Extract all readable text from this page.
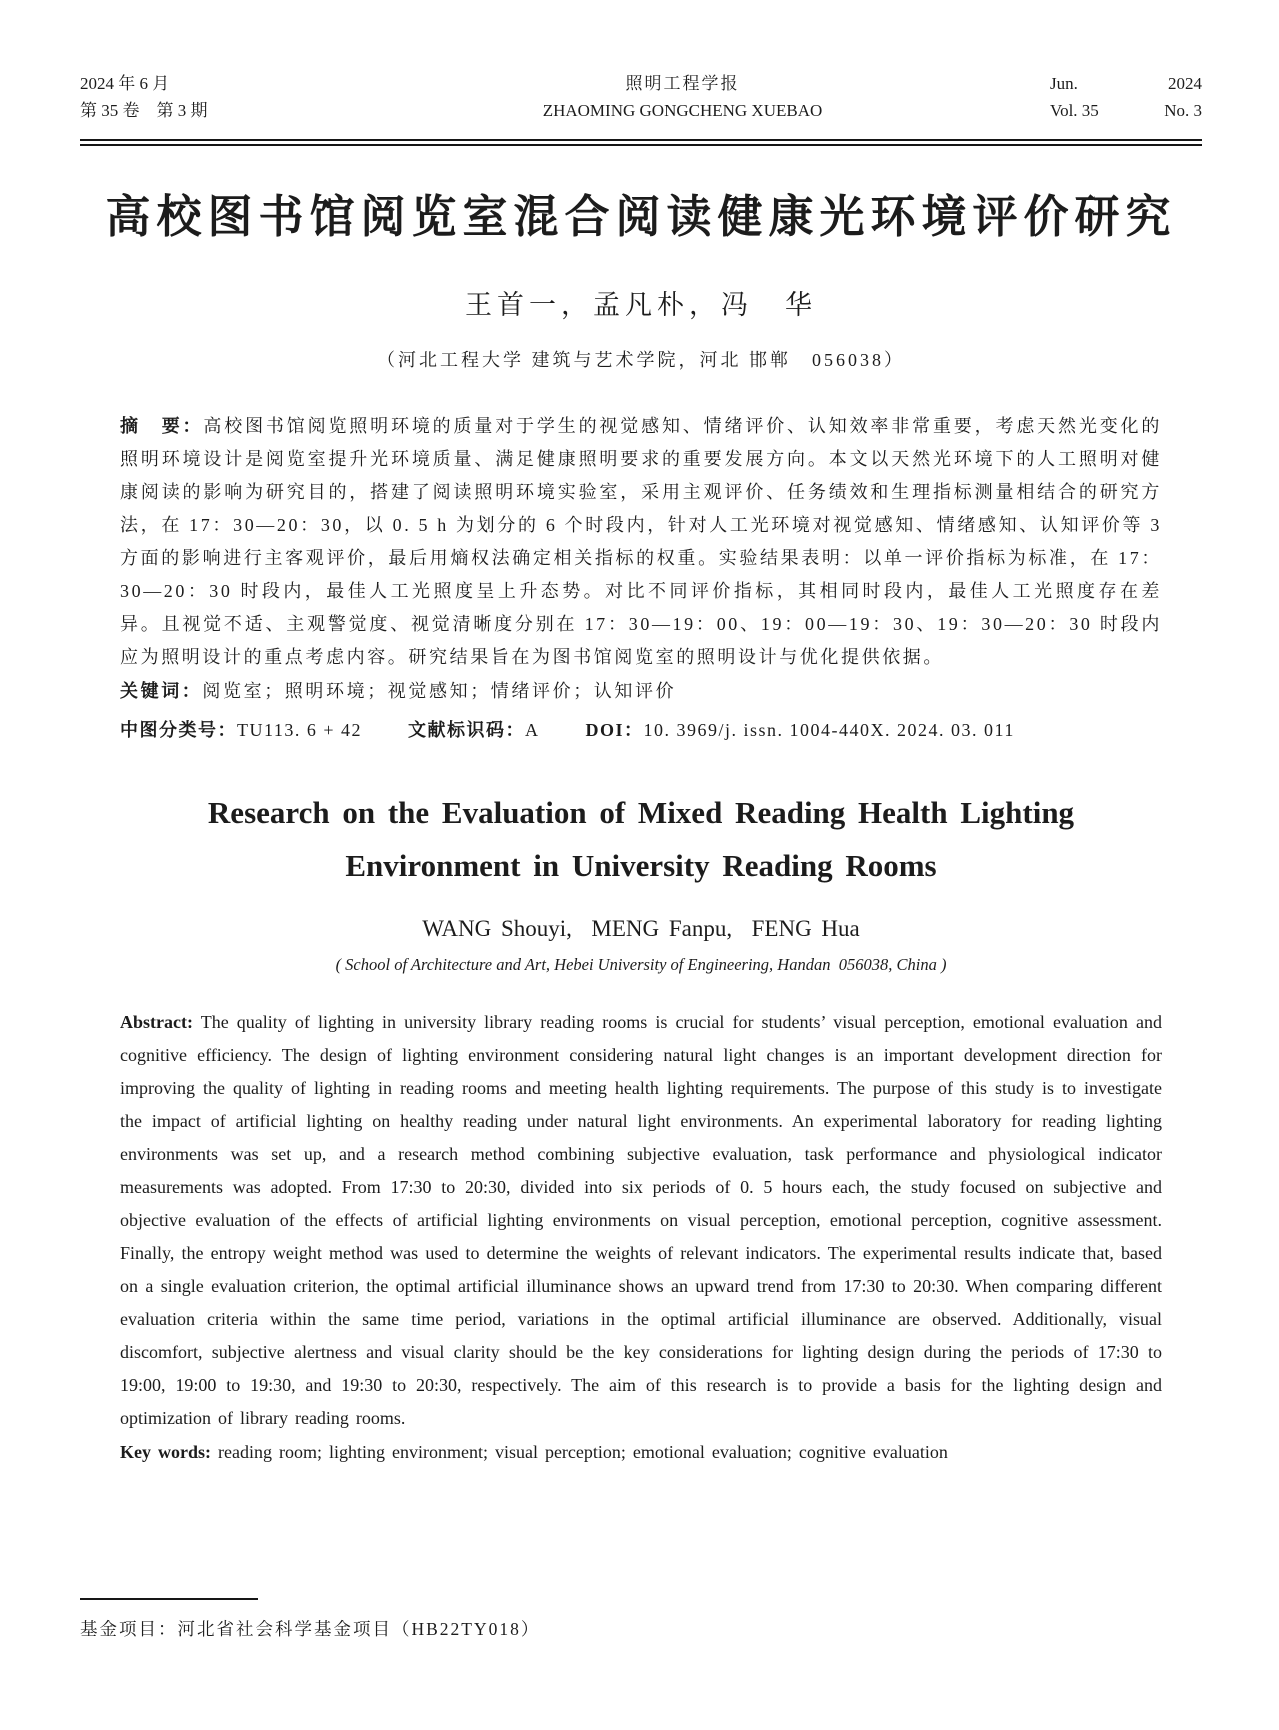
2024 年 6 月
第 35 卷　第 3 期
照明工程学报
ZHAOMING GONGCHENG XUEBAO
Jun.	2024
Vol. 35	No. 3
高校图书馆阅览室混合阅读健康光环境评价研究
王首一，孟凡朴，冯　华
（河北工程大学 建筑与艺术学院，河北 邯郸　056038）

摘　要：高校图书馆阅览照明环境的质量对于学生的视觉感知、情绪评价、认知效率非常重要，考虑天然光变化的照明环境设计是阅览室提升光环境质量、满足健康照明要求的重要发展方向。本文以天然光环境下的人工照明对健康阅读的影响为研究目的，搭建了阅读照明环境实验室，采用主观评价、任务绩效和生理指标测量相结合的研究方法，在 17：30—20：30，以 0. 5 h 为划分的 6 个时段内，针对人工光环境对视觉感知、情绪感知、认知评价等 3 方面的影响进行主客观评价，最后用熵权法确定相关指标的权重。实验结果表明：以单一评价指标为标准，在 17：30—20：30 时段内，最佳人工光照度呈上升态势。对比不同评价指标，其相同时段内，最佳人工光照度存在差异。且视觉不适、主观警觉度、视觉清晰度分别在 17：30—19：00、19：00—19：30、19：30—20：30 时段内应为照明设计的重点考虑内容。研究结果旨在为图书馆阅览室的照明设计与优化提供依据。

关键词：阅览室；照明环境；视觉感知；情绪评价；认知评价

中图分类号：TU113. 6 + 42	文献标识码：A	DOI：10. 3969/j. issn. 1004-440X. 2024. 03. 011

Research on the Evaluation of Mixed Reading Health Lighting
Environment in University Reading Rooms
WANG Shouyi,  MENG Fanpu,  FENG Hua
( School of Architecture and Art, Hebei University of Engineering, Handan  056038, China )

Abstract: The quality of lighting in university library reading rooms is crucial for students’ visual perception, emotional evaluation and cognitive efficiency. The design of lighting environment considering natural light changes is an important development direction for improving the quality of lighting in reading rooms and meeting health lighting requirements. The purpose of this study is to investigate the impact of artificial lighting on healthy reading under natural light environments. An experimental laboratory for reading lighting environments was set up, and a research method combining subjective evaluation, task performance and physiological indicator measurements was adopted. From 17:30 to 20:30, divided into six periods of 0. 5 hours each, the study focused on subjective and objective evaluation of the effects of artificial lighting environments on visual perception, emotional perception, cognitive assessment. Finally, the entropy weight method was used to determine the weights of relevant indicators. The experimental results indicate that, based on a single evaluation criterion, the optimal artificial illuminance shows an upward trend from 17:30 to 20:30. When comparing different evaluation criteria within the same time period, variations in the optimal artificial illuminance are observed. Additionally, visual discomfort, subjective alertness and visual clarity should be the key considerations for lighting design during the periods of 17:30 to 19:00, 19:00 to 19:30, and 19:30 to 20:30, respectively. The aim of this research is to provide a basis for the lighting design and optimization of library reading rooms.

Key words: reading room; lighting environment; visual perception; emotional evaluation; cognitive evaluation

基金项目：河北省社会科学基金项目（HB22TY018）
